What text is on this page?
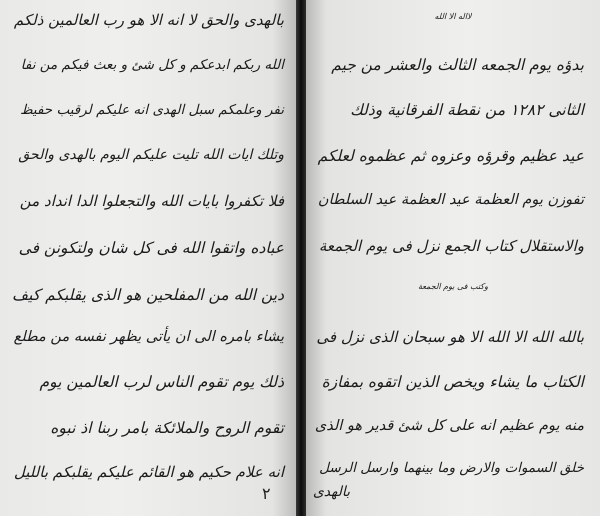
بالهدى والحق لا انه الا هو رب العالمين ذلكم
الله ربكم ابدعكم و كل شئ و بعث فيكم من نفا
نفر وعلمكم سبل الهدى انه عليكم لرقيب حفيظ
وتلك ايات الله تليت عليكم اليوم بالهدى والحق
فلا تكفروا بايات الله والتجعلوا الدا انداد من
عباده واتقوا الله فى كل شان ولتكونن فى
دين الله من المفلحين هو الذى يقلبكم كيف
يشاء بامره الى ان يأتى يظهر نفسه من مطلع
ذلك يوم تقوم الناس لرب العالمين يوم
تقوم الروح والملائكة بامر ربنا اذ نبوه
انه علام حكيم هو القائم عليكم يقلبكم بالليل
٢
لااله الا الله
بدؤه يوم الجمعه الثالث والعشر من جيم
الثانى ١٢٨٢ من نقطة الفرقانية وذلك
عيد عظيم وقرؤه وعزوه ثم عظموه لعلكم
تفوزن يوم العظمة عيد العظمة عيد السلطان
والاستقلال كتاب الجمع نزل فى يوم الجمعة
وكتب فى يوم الجمعة
بالله الله الا الله الا هو سبحان الذى نزل فى
الكتاب ما يشاء ويخص الذين اتقوه بمفازة
منه يوم عظيم انه على كل شئ قدير هو الذى
خلق السموات والارض وما بينهما وارسل الرسل
بالهدى
